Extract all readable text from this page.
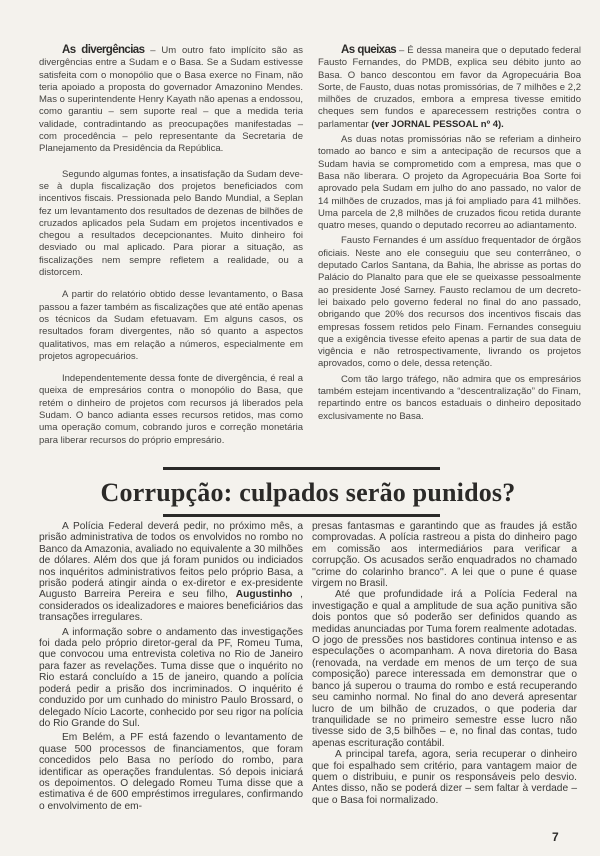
As divergências – Um outro fato implícito são as divergências entre a Sudam e o Basa. Se a Sudam estivesse satisfeita com o monopólio que o Basa exerce no Finam, não teria apoiado a proposta do governador Amazonino Mendes. Mas o superintendente Henry Kayath não apenas a endossou, como garantiu – sem suporte real – que a medida teria validade, contradintando as preocupações manifestadas – com procedência – pelo representante da Secretaria de Planejamento da Presidência da República.

Segundo algumas fontes, a insatisfação da Sudam deve-se à dupla fiscalização dos projetos beneficiados com incentivos fiscais. Pressionada pelo Bando Mundial, a Seplan fez um levantamento dos resultados de dezenas de bilhões de cruzados aplicados pela Sudam em projetos incentivados e chegou a resultados decepcionantes. Muito dinheiro foi desviado ou mal aplicado. Para piorar a situação, as fiscalizações nem sempre refletem a realidade, ou a distorcem.

A partir do relatório obtido desse levantamento, o Basa passou a fazer também as fiscalizações que até então apenas os técnicos da Sudam efetuavam. Em alguns casos, os resultados foram divergentes, não só quanto a aspectos qualitativos, mas em relação a números, especialmente em projetos agropecuários.

Independentemente dessa fonte de divergência, é real a queixa de empresários contra o monopólio do Basa, que retém o dinheiro de projetos com recursos já liberados pela Sudam. O banco adianta esses recursos retidos, mas como uma operação comum, cobrando juros e correção monetária para liberar recursos do próprio empresário.

As queixas – É dessa maneira que o deputado federal Fausto Fernandes, do PMDB, explica seu débito junto ao Basa. O banco descontou em favor da Agropecuária Boa Sorte, de Fausto, duas notas promissórias, de 7 milhões e 2,2 milhões de cruzados, embora a empresa tivesse emitido cheques sem fundos e aparecessem restrições contra o parlamentar (ver JORNAL PESSOAL nº 4).

As duas notas promissórias não se referiam a dinheiro tomado ao banco e sim a antecipação de recursos que a Sudam havia se comprometido com a empresa, mas que o Basa não liberara. O projeto da Agropecuária Boa Sorte foi aprovado pela Sudam em julho do ano passado, no valor de 14 milhões de cruzados, mas já foi ampliado para 41 milhões. Uma parcela de 2,8 milhões de cruzados ficou retida durante quatro meses, quando o deputado recorreu ao adiantamento.

Fausto Fernandes é um assíduo frequentador de órgãos oficiais. Neste ano ele conseguiu que seu conterrâneo, o deputado Carlos Santana, da Bahia, lhe abrisse as portas do Palácio do Planalto para que ele se queixasse pessoalmente ao presidente José Sarney. Fausto reclamou de um decreto-lei baixado pelo governo federal no final do ano passado, obrigando que 20% dos recursos dos incentivos fiscais das empresas fossem retidos pelo Finam. Fernandes conseguiu que a exigência tivesse efeito apenas a partir de sua data de vigência e não retrospectivamente, livrando os projetos aprovados, como o dele, dessa retenção.

Com tão largo tráfego, não admira que os empresários também estejam incentivando a “descentralização” do Finam, repartindo entre os bancos estaduais o dinheiro depositado exclusivamente no Basa.

Corrupção: culpados serão punidos?

A Polícia Federal deverá pedir, no próximo mês, a prisão administrativa de todos os envolvidos no rombo no Banco da Amazonia, avaliado no equivalente a 30 milhões de dólares. Além dos que já foram punidos ou indiciados nos inquéritos administrativos feitos pelo próprio Basa, a prisão poderá atingir ainda o ex-diretor e ex-presidente Augusto Barreira Pereira e seu filho, Augustinho , considerados os idealizadores e maiores beneficiários das transações irregulares.

A informação sobre o andamento das investigações foi dada pelo próprio diretor-geral da PF, Romeu Tuma, que convocou uma entrevista coletiva no Rio de Janeiro para fazer as revelações. Tuma disse que o inquérito no Rio estará concluído a 15 de janeiro, quando a polícia poderá pedir a prisão dos incriminados. O inquérito é conduzido por um cunhado do ministro Paulo Brossard, o delegado Nício Lacorte, conhecido por seu rigor na polícia do Rio Grande do Sul.

Em Belém, a PF está fazendo o levantamento de quase 500 processos de financiamentos, que foram concedidos pelo Basa no período do rombo, para identificar as operações frandulentas. Só depois iniciará os depoimentos. O delegado Romeu Tuma disse que a estimativa é de 600 empréstimos irregulares, confirmando o envolvimento de em-

presas fantasmas e garantindo que as fraudes já estão comprovadas. A polícia rastreou a pista do dinheiro pago em comissão aos intermediários para verificar a corrupção. Os acusados serão enquadrados no chamado ''crime do colarinho branco''. A lei que o pune é quase virgem no Brasil.

Até que profundidade irá a Polícia Federal na investigação e qual a amplitude de sua ação punitiva são dois pontos que só poderão ser definidos quando as medidas anunciadas por Tuma forem realmente adotadas. O jogo de pressões nos bastidores continua intenso e as especulações o acompanham. A nova diretoria do Basa (renovada, na verdade em menos de um terço de sua composição) parece interessada em demonstrar que o banco já superou o trauma do rombo e está recuperando seu caminho normal. No final do ano deverá apresentar lucro de um bilhão de cruzados, o que poderia dar tranquilidade se no primeiro semestre esse lucro não tivesse sido de 3,5 bilhões – e, no final das contas, tudo apenas escrituração contábil.

A principal tarefa, agora, seria recuperar o dinheiro que foi espalhado sem critério, para vantagem maior de quem o distribuiu, e punir os responsáveis pelo desvio. Antes disso, não se poderá dizer – sem faltar à verdade – que o Basa foi normalizado.

7
